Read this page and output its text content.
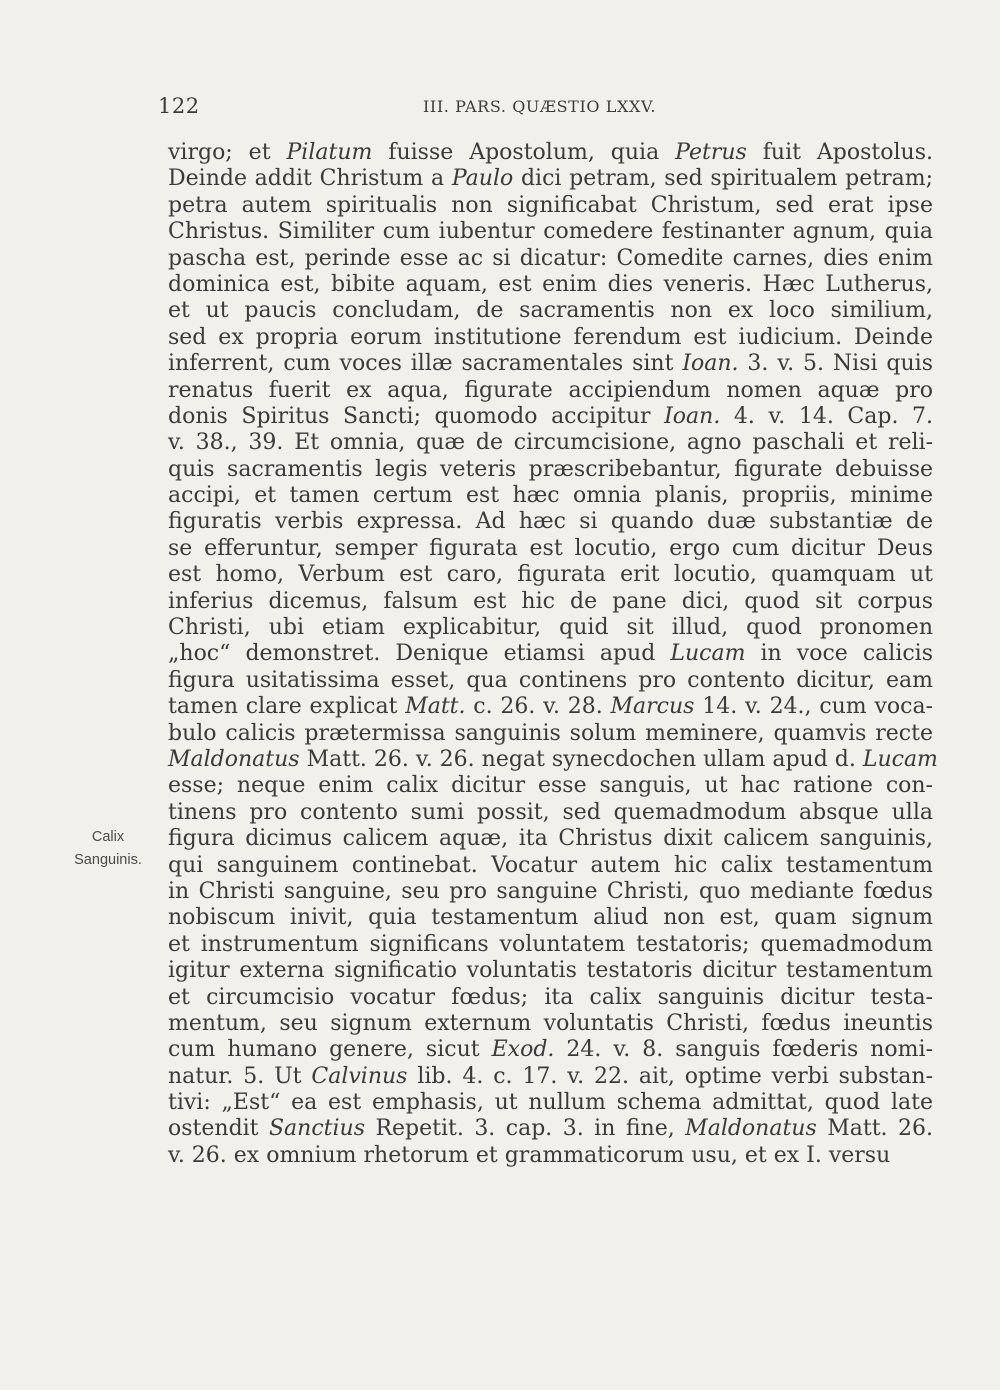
122	III. PARS. QUÆSTIO LXXV.
Calix
Sanguinis.
virgo; et Pilatum fuisse Apostolum, quia Petrus fuit Apostolus.
Deinde addit Christum a Paulo dici petram, sed spiritualem petram;
petra autem spiritualis non significabat Christum, sed erat ipse
Christus. Similiter cum iubentur comedere festinanter agnum, quia
pascha est, perinde esse ac si dicatur: Comedite carnes, dies enim
dominica est, bibite aquam, est enim dies veneris. Hæc Lutherus,
et ut paucis concludam, de sacramentis non ex loco similium,
sed ex propria eorum institutione ferendum est iudicium. Deinde
inferrent, cum voces illæ sacramentales sint Ioan. 3. v. 5. Nisi quis
renatus fuerit ex aqua, figurate accipiendum nomen aquæ pro
donis Spiritus Sancti; quomodo accipitur Ioan. 4. v. 14. Cap. 7.
v. 38., 39. Et omnia, quæ de circumcisione, agno paschali et reli-
quis sacramentis legis veteris præscribebantur, figurate debuisse
accipi, et tamen certum est hæc omnia planis, propriis, minime
figuratis verbis expressa. Ad hæc si quando duæ substantiæ de
se efferuntur, semper figurata est locutio, ergo cum dicitur Deus
est homo, Verbum est caro, figurata erit locutio, quamquam ut
inferius dicemus, falsum est hic de pane dici, quod sit corpus
Christi, ubi etiam explicabitur, quid sit illud, quod pronomen
„hoc“ demonstret. Denique etiamsi apud Lucam in voce calicis
figura usitatissima esset, qua continens pro contento dicitur, eam
tamen clare explicat Matt. c. 26. v. 28. Marcus 14. v. 24., cum voca-
bulo calicis prætermissa sanguinis solum meminere, quamvis recte
Maldonatus Matt. 26. v. 26. negat synecdochen ullam apud d. Lucam
esse; neque enim calix dicitur esse sanguis, ut hac ratione con-
tinens pro contento sumi possit, sed quemadmodum absque ulla
figura dicimus calicem aquæ, ita Christus dixit calicem sanguinis,
qui sanguinem continebat. Vocatur autem hic calix testamentum
in Christi sanguine, seu pro sanguine Christi, quo mediante fœdus
nobiscum inivit, quia testamentum aliud non est, quam signum
et instrumentum significans voluntatem testatoris; quemadmodum
igitur externa significatio voluntatis testatoris dicitur testamentum
et circumcisio vocatur fœdus; ita calix sanguinis dicitur testa-
mentum, seu signum externum voluntatis Christi, fœdus ineuntis
cum humano genere, sicut Exod. 24. v. 8. sanguis fœderis nomi-
natur. 5. Ut Calvinus lib. 4. c. 17. v. 22. ait, optime verbi substan-
tivi: „Est“ ea est emphasis, ut nullum schema admittat, quod late
ostendit Sanctius Repetit. 3. cap. 3. in fine, Maldonatus Matt. 26.
v. 26. ex omnium rhetorum et grammaticorum usu, et ex I. versu
